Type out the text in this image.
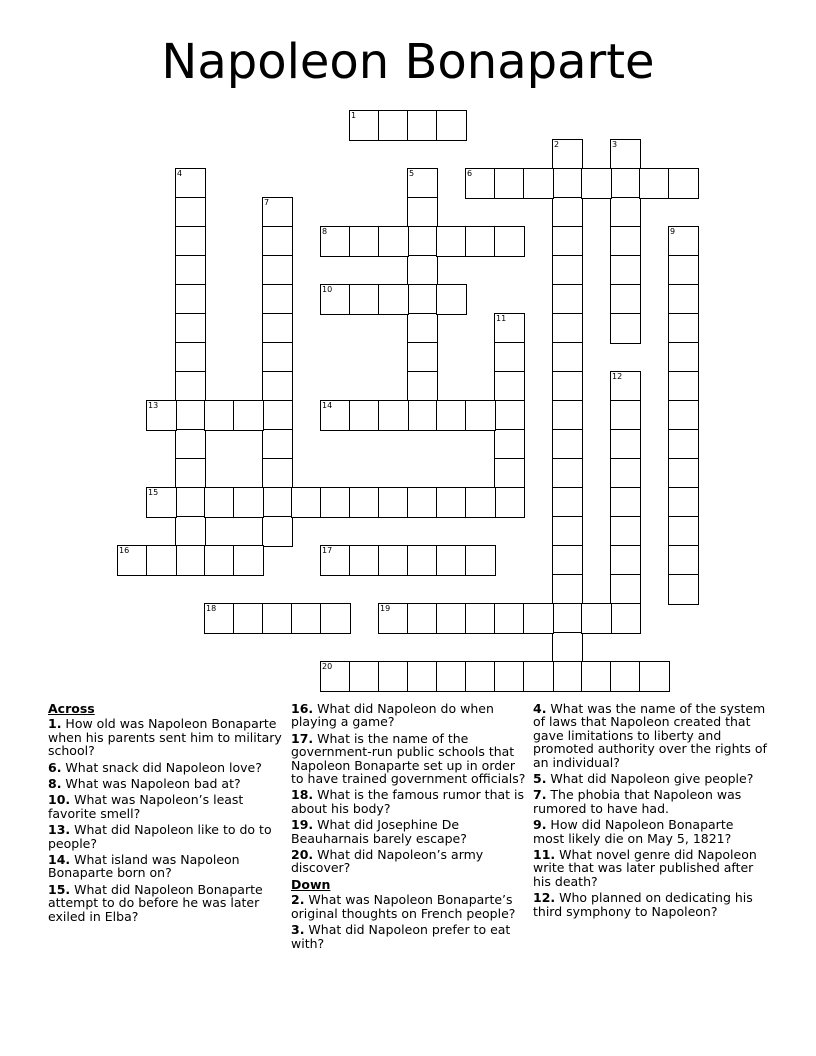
Napoleon Bonaparte
1
2	3
4	5	6
7
8	9
10
11
12
13	14
15
16	17
18	19
20
Across
1. How old was Napoleon Bonaparte when his parents sent him to military school?
6. What snack did Napoleon love?
8. What was Napoleon bad at?
10. What was Napoleon’s least favorite smell?
13. What did Napoleon like to do to people?
14. What island was Napoleon Bonaparte born on?
15. What did Napoleon Bonaparte attempt to do before he was later exiled in Elba?
16. What did Napoleon do when playing a game?
17. What is the name of the government-run public schools that Napoleon Bonaparte set up in order to have trained government officials?
18. What is the famous rumor that is about his body?
19. What did Josephine De Beauharnais barely escape?
20. What did Napoleon’s army discover?
Down
2. What was Napoleon Bonaparte’s original thoughts on French people?
3. What did Napoleon prefer to eat with?
4. What was the name of the system of laws that Napoleon created that gave limitations to liberty and promoted authority over the rights of an individual?
5. What did Napoleon give people?
7. The phobia that Napoleon was rumored to have had.
9. How did Napoleon Bonaparte most likely die on May 5, 1821?
11. What novel genre did Napoleon write that was later published after his death?
12. Who planned on dedicating his third symphony to Napoleon?
